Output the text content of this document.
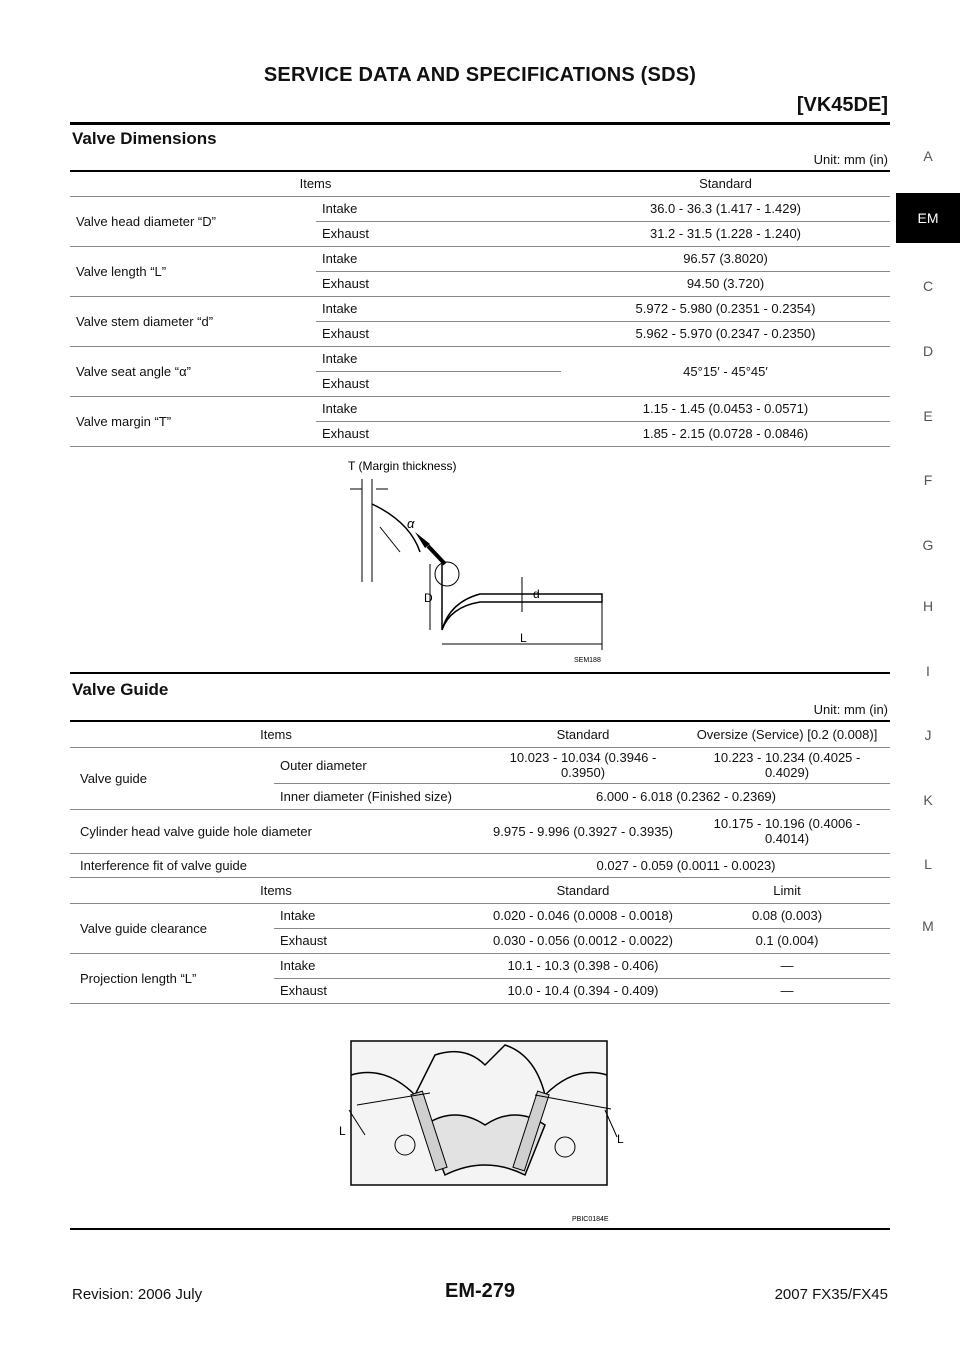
SERVICE DATA AND SPECIFICATIONS (SDS)
[VK45DE]
A
EM
C
D
E
F
G
H
I
J
K
L
M
Valve Dimensions
Unit: mm (in)
Items		Standard
Valve head diameter “D”	Intake	36.0 - 36.3 (1.417 - 1.429)
	Exhaust	31.2 - 31.5 (1.228 - 1.240)
Valve length “L”	Intake	96.57 (3.8020)
	Exhaust	94.50 (3.720)
Valve stem diameter “d”	Intake	5.972 - 5.980 (0.2351 - 0.2354)
	Exhaust	5.962 - 5.970 (0.2347 - 0.2350)
Valve seat angle “α”	Intake	45°15′ - 45°45′
	Exhaust	
Valve margin “T”	Intake	1.15 - 1.45 (0.0453 - 0.0571)
	Exhaust	1.85 - 2.15 (0.0728 - 0.0846)
T (Margin thickness)
α
D	d
L
SEM188
Valve Guide
Unit: mm (in)
Items		Standard	Oversize (Service) [0.2 (0.008)]
Valve guide	Outer diameter	10.023 - 10.034 (0.3946 - 0.3950)	10.223 - 10.234 (0.4025 - 0.4029)
	Inner diameter (Finished size)	6.000 - 6.018 (0.2362 - 0.2369)	
Cylinder head valve guide hole diameter		9.975 - 9.996 (0.3927 - 0.3935)	10.175 - 10.196 (0.4006 - 0.4014)
Interference fit of valve guide		0.027 - 0.059 (0.0011 - 0.0023)	
Items		Standard	Limit
Valve guide clearance	Intake	0.020 - 0.046 (0.0008 - 0.0018)	0.08 (0.003)
	Exhaust	0.030 - 0.056 (0.0012 - 0.0022)	0.1 (0.004)
Projection length “L”	Intake	10.1 - 10.3 (0.398 - 0.406)	—
	Exhaust	10.0 - 10.4 (0.394 - 0.409)	—
L
L
PBIC0184E
Revision: 2006 July	EM-279	2007 FX35/FX45
